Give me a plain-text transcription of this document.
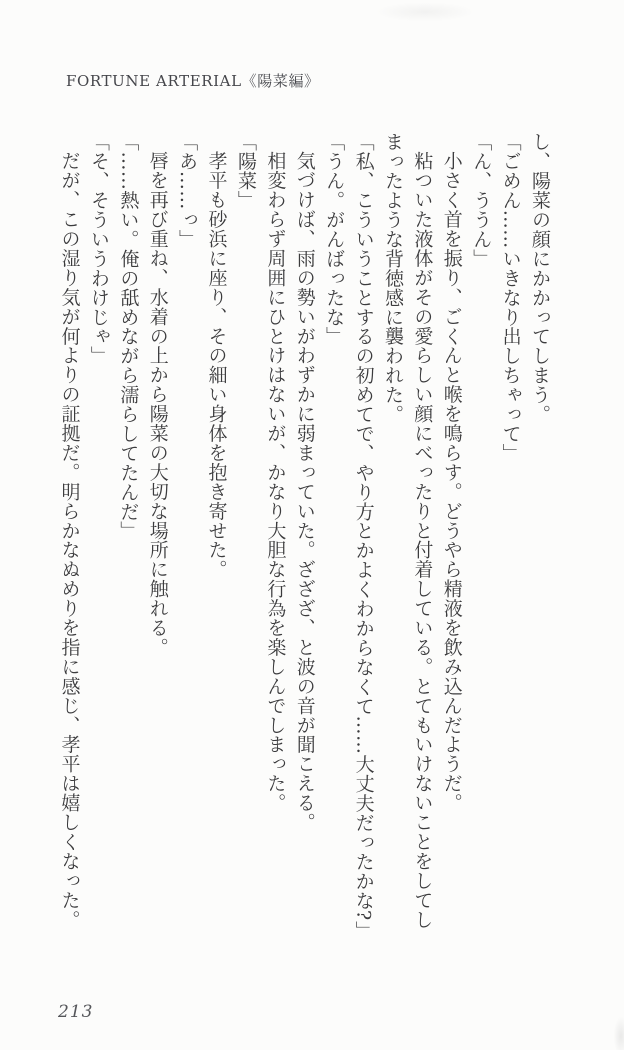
FORTUNE ARTERIAL《陽菜編》

し、陽菜の顔にかかってしまう。

「ごめん……いきなり出しちゃって」

「ん、ううん」

小さく首を振り、ごくんと喉を鳴らす。どうやら精液を飲み込んだようだ。

粘ついた液体がその愛らしい顔にべったりと付着している。とてもいけないことをしてしまったような背徳感に襲われた。

「私、こういうことするの初めてで、やり方とかよくわからなくて……大丈夫だったかな?」

「うん。がんばったな」

気づけば、雨の勢いがわずかに弱まっていた。ざざざ、と波の音が聞こえる。

相変わらず周囲にひとけはないが、かなり大胆な行為を楽しんでしまった。

「陽菜」

孝平も砂浜に座り、その細い身体を抱き寄せた。

「あ……っ」

唇を再び重ね、水着の上から陽菜の大切な場所に触れる。

「……熱い。俺の舐めながら濡らしてたんだ」

「そ、そういうわけじゃ」

だが、この湿り気が何よりの証拠だ。明らかなぬめりを指に感じ、孝平は嬉しくなった。

213
